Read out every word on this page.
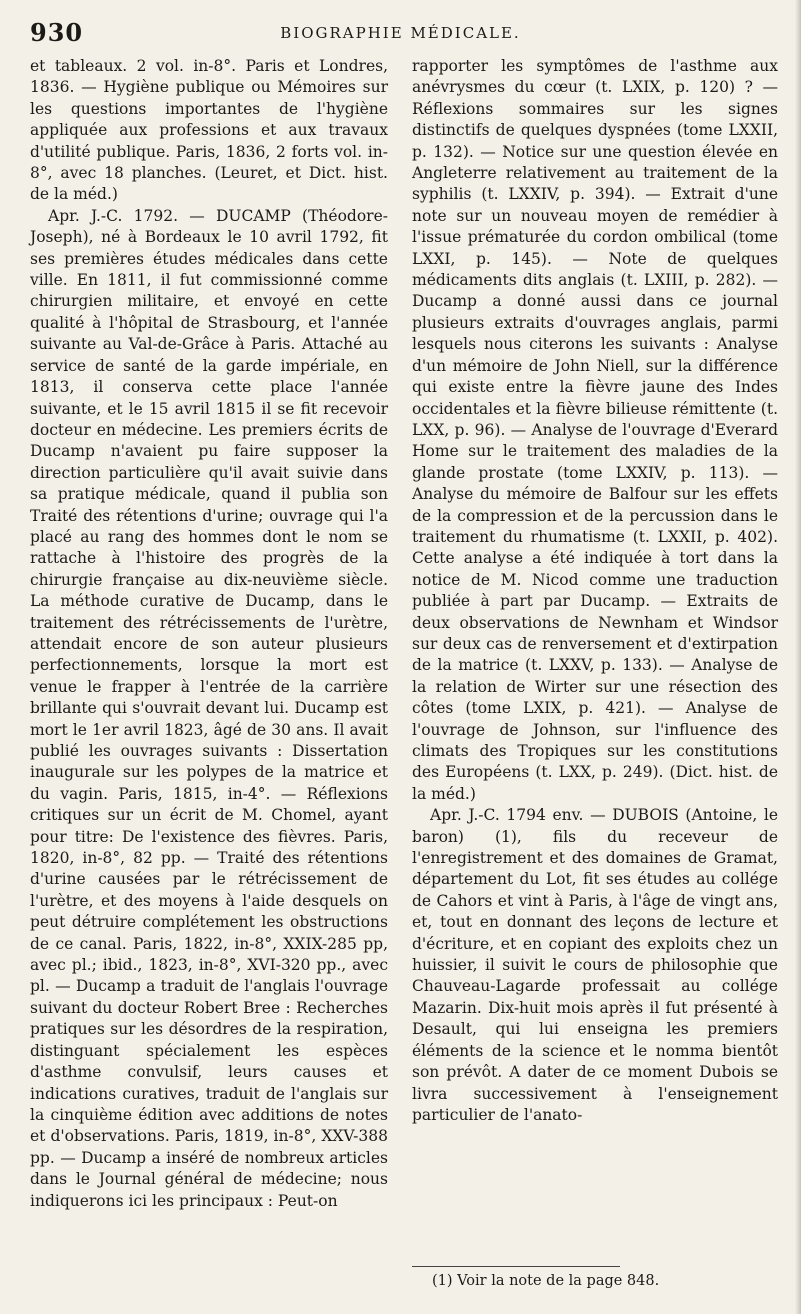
930	BIOGRAPHIE MÉDICALE.

et tableaux. 2 vol. in-8°. Paris et Londres, 1836. — Hygiène publique ou Mémoires sur les questions importantes de l'hygiène appliquée aux professions et aux travaux d'utilité publique. Paris, 1836, 2 forts vol. in-8°, avec 18 planches. (Leuret, et Dict. hist. de la méd.)

Apr. J.-C. 1792. — DUCAMP (Théodore-Joseph), né à Bordeaux le 10 avril 1792, fit ses premières études médicales dans cette ville. En 1811, il fut commissionné comme chirurgien militaire, et envoyé en cette qualité à l'hôpital de Strasbourg, et l'année suivante au Val-de-Grâce à Paris. Attaché au service de santé de la garde impériale, en 1813, il conserva cette place l'année suivante, et le 15 avril 1815 il se fit recevoir docteur en médecine. Les premiers écrits de Ducamp n'avaient pu faire supposer la direction particulière qu'il avait suivie dans sa pratique médicale, quand il publia son Traité des rétentions d'urine; ouvrage qui l'a placé au rang des hommes dont le nom se rattache à l'histoire des progrès de la chirurgie française au dix-neuvième siècle. La méthode curative de Ducamp, dans le traitement des rétrécissements de l'urètre, attendait encore de son auteur plusieurs perfectionnements, lorsque la mort est venue le frapper à l'entrée de la carrière brillante qui s'ouvrait devant lui. Ducamp est mort le 1er avril 1823, âgé de 30 ans. Il avait publié les ouvrages suivants : Dissertation inaugurale sur les polypes de la matrice et du vagin. Paris, 1815, in-4°. — Réflexions critiques sur un écrit de M. Chomel, ayant pour titre: De l'existence des fièvres. Paris, 1820, in-8°, 82 pp. — Traité des rétentions d'urine causées par le rétrécissement de l'urètre, et des moyens à l'aide desquels on peut détruire complétement les obstructions de ce canal. Paris, 1822, in-8°, XXIX-285 pp, avec pl.; ibid., 1823, in-8°, XVI-320 pp., avec pl. — Ducamp a traduit de l'anglais l'ouvrage suivant du docteur Robert Bree : Recherches pratiques sur les désordres de la respiration, distinguant spécialement les espèces d'asthme convulsif, leurs causes et indications curatives, traduit de l'anglais sur la cinquième édition avec additions de notes et d'observations. Paris, 1819, in-8°, XXV-388 pp. — Ducamp a inséré de nombreux articles dans le Journal général de médecine; nous indiquerons ici les principaux : Peut-on

rapporter les symptômes de l'asthme aux anévrysmes du cœur (t. LXIX, p. 120) ? — Réflexions sommaires sur les signes distinctifs de quelques dyspnées (tome LXXII, p. 132). — Notice sur une question élevée en Angleterre relativement au traitement de la syphilis (t. LXXIV, p. 394). — Extrait d'une note sur un nouveau moyen de remédier à l'issue prématurée du cordon ombilical (tome LXXI, p. 145). — Note de quelques médicaments dits anglais (t. LXIII, p. 282). — Ducamp a donné aussi dans ce journal plusieurs extraits d'ouvrages anglais, parmi lesquels nous citerons les suivants : Analyse d'un mémoire de John Niell, sur la différence qui existe entre la fièvre jaune des Indes occidentales et la fièvre bilieuse rémittente (t. LXX, p. 96). — Analyse de l'ouvrage d'Everard Home sur le traitement des maladies de la glande prostate (tome LXXIV, p. 113). — Analyse du mémoire de Balfour sur les effets de la compression et de la percussion dans le traitement du rhumatisme (t. LXXII, p. 402). Cette analyse a été indiquée à tort dans la notice de M. Nicod comme une traduction publiée à part par Ducamp. — Extraits de deux observations de Newnham et Windsor sur deux cas de renversement et d'extirpation de la matrice (t. LXXV, p. 133). — Analyse de la relation de Wirter sur une résection des côtes (tome LXIX, p. 421). — Analyse de l'ouvrage de Johnson, sur l'influence des climats des Tropiques sur les constitutions des Européens (t. LXX, p. 249). (Dict. hist. de la méd.)

Apr. J.-C. 1794 env. — DUBOIS (Antoine, le baron) (1), fils du receveur de l'enregistrement et des domaines de Gramat, département du Lot, fit ses études au collége de Cahors et vint à Paris, à l'âge de vingt ans, et, tout en donnant des leçons de lecture et d'écriture, et en copiant des exploits chez un huissier, il suivit le cours de philosophie que Chauveau-Lagarde professait au collége Mazarin. Dix-huit mois après il fut présenté à Desault, qui lui enseigna les premiers éléments de la science et le nomma bientôt son prévôt. A dater de ce moment Dubois se livra successivement à l'enseignement particulier de l'anato-

(1) Voir la note de la page 848.
